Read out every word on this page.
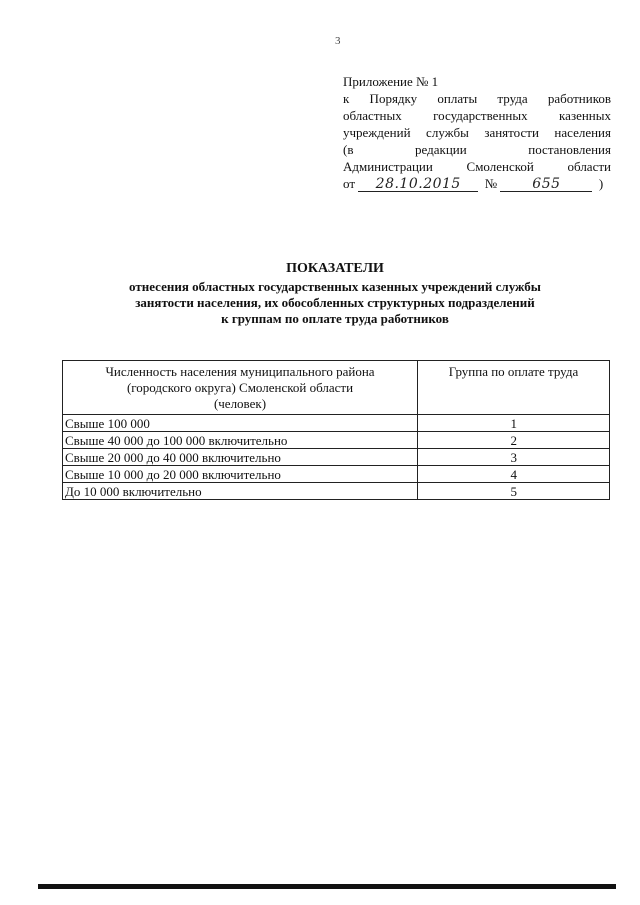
3
Приложение № 1
к Порядку оплаты труда работников
областных государственных казенных
учреждений службы занятости населения
(в редакции постановления
Администрации Смоленской области
от
	28.10.2015
	№
	655
	)
ПОКАЗАТЕЛИ
отнесения областных государственных казенных учреждений службы
занятости населения, их обособленных структурных подразделений
к группам по оплате труда работников
Численность населения муниципального района
(городского округа) Смоленской области
(человек)	Группа по оплате труда
Свыше 100 000	1
Свыше 40 000 до 100 000 включительно	2
Свыше 20 000 до 40 000 включительно	3
Свыше 10 000 до 20 000 включительно	4
До 10 000 включительно	5
